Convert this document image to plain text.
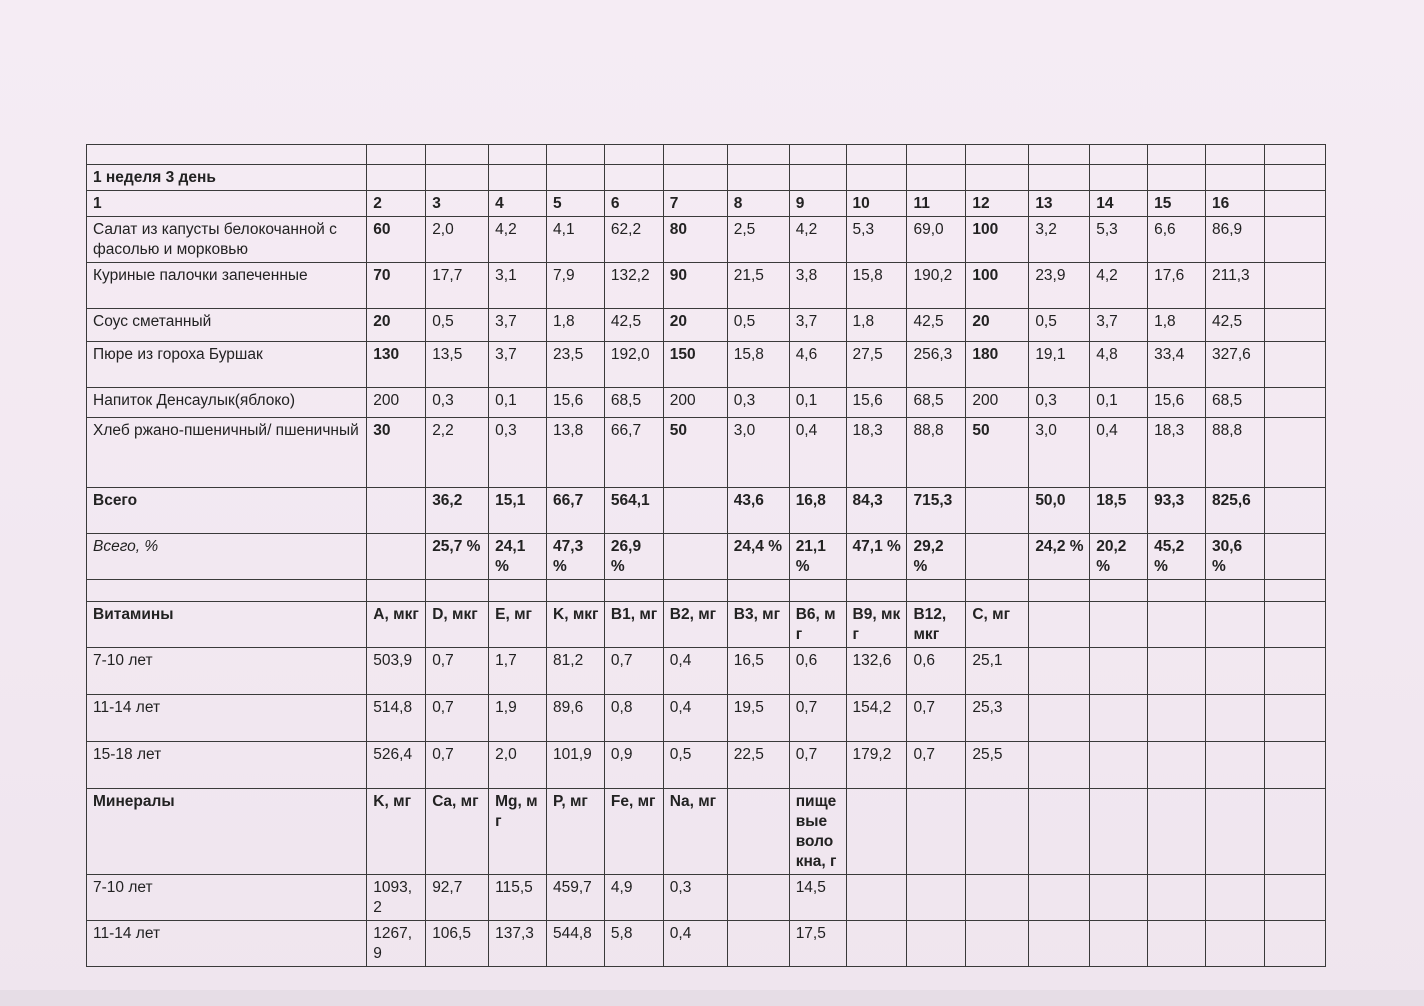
1 неделя 3 день																
1	2	3	4	5	6	7	8	9	10	11	12	13	14	15	16	
Салат из капусты белокочанной с фасолью и морковью	60	2,0	4,2	4,1	62,2	80	2,5	4,2	5,3	69,0	100	3,2	5,3	6,6	86,9	
Куриные палочки запеченные	70	17,7	3,1	7,9	132,2	90	21,5	3,8	15,8	190,2	100	23,9	4,2	17,6	211,3	
Соус сметанный	20	0,5	3,7	1,8	42,5	20	0,5	3,7	1,8	42,5	20	0,5	3,7	1,8	42,5	
Пюре из гороха Буршак	130	13,5	3,7	23,5	192,0	150	15,8	4,6	27,5	256,3	180	19,1	4,8	33,4	327,6	
Напиток Денсаулык(яблоко)	200	0,3	0,1	15,6	68,5	200	0,3	0,1	15,6	68,5	200	0,3	0,1	15,6	68,5	
Хлеб ржано-пшеничный/ пшеничный	30	2,2	0,3	13,8	66,7	50	3,0	0,4	18,3	88,8	50	3,0	0,4	18,3	88,8	
Всего		36,2	15,1	66,7	564,1		43,6	16,8	84,3	715,3		50,0	18,5	93,3	825,6	
Всего, %		25,7 %	24,1 %	47,3 %	26,9 %		24,4 %	21,1 %	47,1 %	29,2 %		24,2 %	20,2 %	45,2 %	30,6 %	

Витамины	A, мкг	D, мкг	E, мг	K, мкг	B1, мг	B2, мг	B3, мг	B6, мг	B9, мкг	B12, мкг	C, мг					
7-10 лет	503,9	0,7	1,7	81,2	0,7	0,4	16,5	0,6	132,6	0,6	25,1					
11-14 лет	514,8	0,7	1,9	89,6	0,8	0,4	19,5	0,7	154,2	0,7	25,3					
15-18 лет	526,4	0,7	2,0	101,9	0,9	0,5	22,5	0,7	179,2	0,7	25,5					
Минералы	K, мг	Ca, мг	Mg, мг	P, мг	Fe, мг	Na, мг		пищевые волокна, г								
7-10 лет	1093,2	92,7	115,5	459,7	4,9	0,3		14,5								
11-14 лет	1267,9	106,5	137,3	544,8	5,8	0,4		17,5								
